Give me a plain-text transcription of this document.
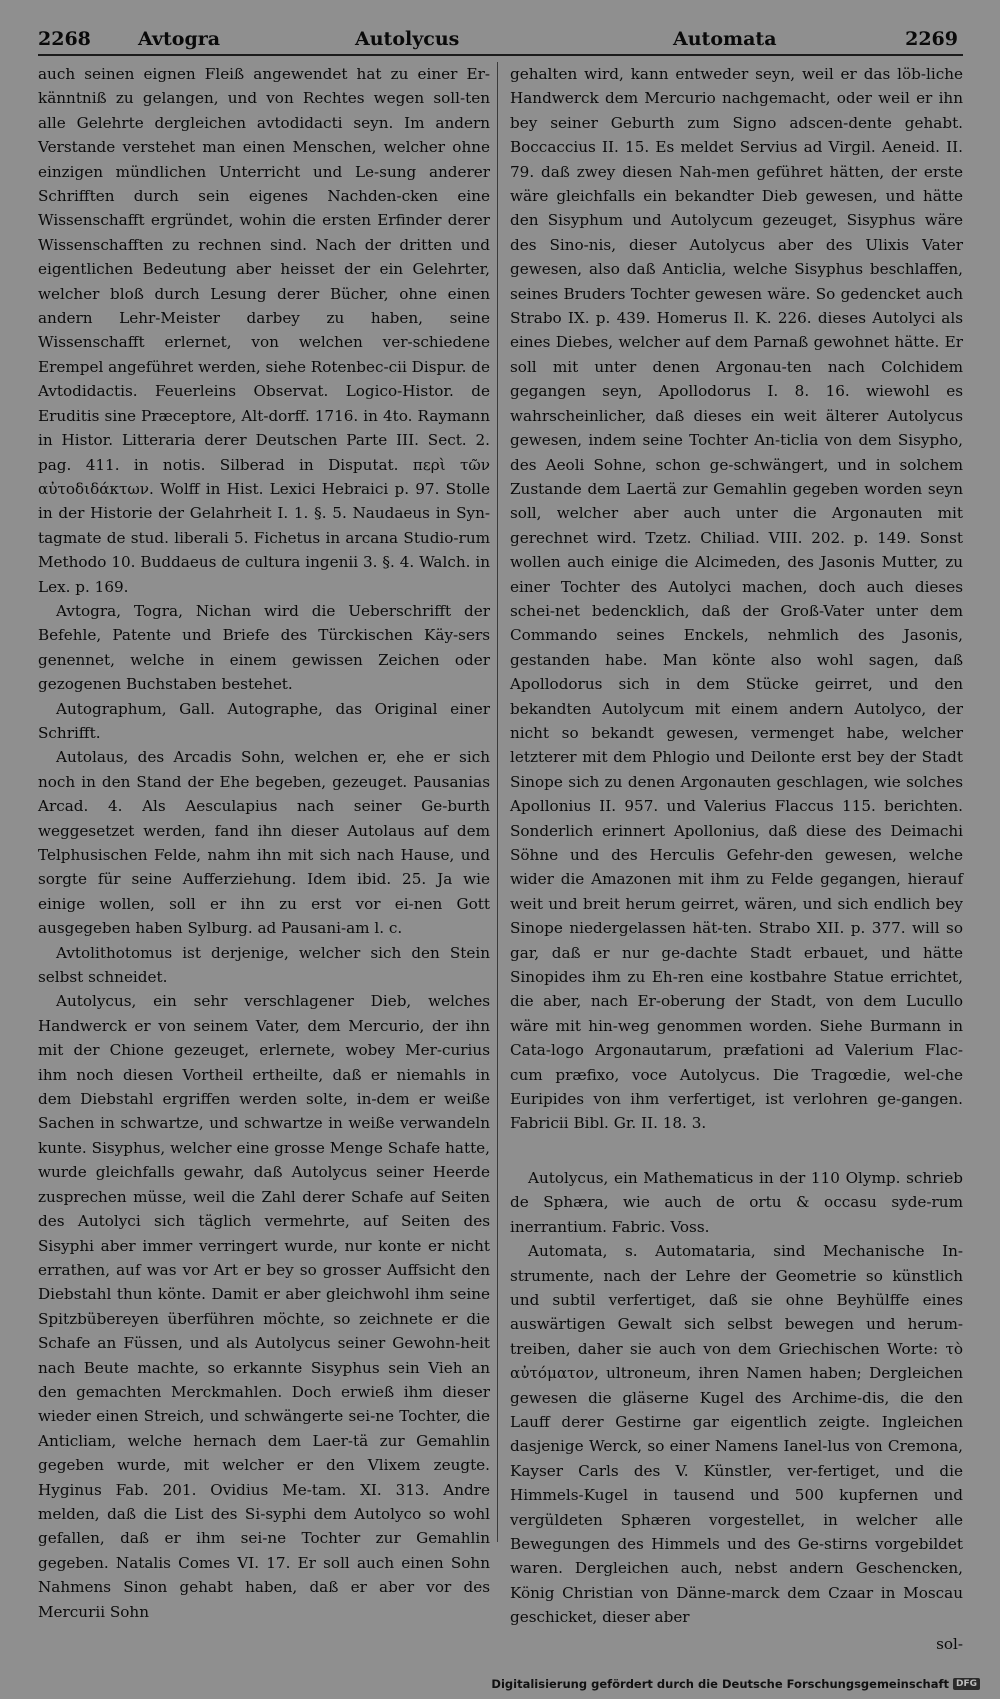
2268 Avtogra	Autolycus	Automata	2269

auch seinen eignen Fleiß angewendet hat zu einer Er-känntniß zu gelangen, und von Rechtes wegen soll-ten alle Gelehrte dergleichen avtodidacti seyn. Im andern Verstande verstehet man einen Menschen, welcher ohne einzigen mündlichen Unterricht und Le-sung anderer Schrifften durch sein eigenes Nachden-cken eine Wissenschafft ergründet, wohin die ersten Erfinder derer Wissenschafften zu rechnen sind. Nach der dritten und eigentlichen Bedeutung aber heisset der ein Gelehrter, welcher bloß durch Lesung derer Bücher, ohne einen andern Lehr-Meister darbey zu haben, seine Wissenschafft erlernet, von welchen ver-schiedene Erempel angeführet werden, siehe Rotenbec-cii Dispur. de Avtodidactis. Feuerleins Observat. Logico-Histor. de Eruditis sine Præceptore, Alt-dorff. 1716. in 4to. Raymann in Histor. Litteraria derer Deutschen Parte III. Sect. 2. pag. 411. in notis. Silberad in Disputat. περὶ τῶν αὐτοδιδάκτων. Wolff in Hist. Lexici Hebraici p. 97. Stolle in der Historie der Gelahrheit I. 1. §. 5. Naudaeus in Syn-tagmate de stud. liberali 5. Fichetus in arcana Studio-rum Methodo 10. Buddaeus de cultura ingenii 3. §. 4. Walch. in Lex. p. 169.

Avtogra, Togra, Nichan wird die Ueberschrifft der Befehle, Patente und Briefe des Türckischen Käy-sers genennet, welche in einem gewissen Zeichen oder gezogenen Buchstaben bestehet.

Autographum, Gall. Autographe, das Original einer Schrifft.

Autolaus, des Arcadis Sohn, welchen er, ehe er sich noch in den Stand der Ehe begeben, gezeuget. Pausanias Arcad. 4. Als Aesculapius nach seiner Ge-burth weggesetzet werden, fand ihn dieser Autolaus auf dem Telphusischen Felde, nahm ihn mit sich nach Hause, und sorgte für seine Aufferziehung. Idem ibid. 25. Ja wie einige wollen, soll er ihn zu erst vor ei-nen Gott ausgegeben haben Sylburg. ad Pausani-am l. c.

Avtolithotomus ist derjenige, welcher sich den Stein selbst schneidet.

Autolycus, ein sehr verschlagener Dieb, welches Handwerck er von seinem Vater, dem Mercurio, der ihn mit der Chione gezeuget, erlernete, wobey Mer-curius ihm noch diesen Vortheil ertheilte, daß er niemahls in dem Diebstahl ergriffen werden solte, in-dem er weiße Sachen in schwartze, und schwartze in weiße verwandeln kunte. Sisyphus, welcher eine grosse Menge Schafe hatte, wurde gleichfalls gewahr, daß Autolycus seiner Heerde zusprechen müsse, weil die Zahl derer Schafe auf Seiten des Autolyci sich täglich vermehrte, auf Seiten des Sisyphi aber immer verringert wurde, nur konte er nicht errathen, auf was vor Art er bey so grosser Auffsicht den Diebstahl thun könte. Damit er aber gleichwohl ihm seine Spitzbübereyen überführen möchte, so zeichnete er die Schafe an Füssen, und als Autolycus seiner Gewohn-heit nach Beute machte, so erkannte Sisyphus sein Vieh an den gemachten Merckmahlen. Doch erwieß ihm dieser wieder einen Streich, und schwängerte sei-ne Tochter, die Anticliam, welche hernach dem Laer-tä zur Gemahlin gegeben wurde, mit welcher er den Vlixem zeugte. Hyginus Fab. 201. Ovidius Me-tam. XI. 313. Andre melden, daß die List des Si-syphi dem Autolyco so wohl gefallen, daß er ihm sei-ne Tochter zur Gemahlin gegeben. Natalis Comes VI. 17. Er soll auch einen Sohn Nahmens Sinon gehabt haben, daß er aber vor des Mercurii Sohn

gehalten wird, kann entweder seyn, weil er das löb-liche Handwerck dem Mercurio nachgemacht, oder weil er ihn bey seiner Geburth zum Signo adscen-dente gehabt. Boccaccius II. 15. Es meldet Servius ad Virgil. Aeneid. II. 79. daß zwey diesen Nah-men geführet hätten, der erste wäre gleichfalls ein bekandter Dieb gewesen, und hätte den Sisyphum und Autolycum gezeuget, Sisyphus wäre des Sino-nis, dieser Autolycus aber des Ulixis Vater gewesen, also daß Anticlia, welche Sisyphus beschlaffen, seines Bruders Tochter gewesen wäre. So gedencket auch Strabo IX. p. 439. Homerus Il. K. 226. dieses Autolyci als eines Diebes, welcher auf dem Parnaß gewohnet hätte. Er soll mit unter denen Argonau-ten nach Colchidem gegangen seyn, Apollodorus I. 8. 16. wiewohl es wahrscheinlicher, daß dieses ein weit älterer Autolycus gewesen, indem seine Tochter An-ticlia von dem Sisypho, des Aeoli Sohne, schon ge-schwängert, und in solchem Zustande dem Laertä zur Gemahlin gegeben worden seyn soll, welcher aber auch unter die Argonauten mit gerechnet wird. Tzetz. Chiliad. VIII. 202. p. 149. Sonst wollen auch einige die Alcimeden, des Jasonis Mutter, zu einer Tochter des Autolyci machen, doch auch dieses schei-net bedencklich, daß der Groß-Vater unter dem Commando seines Enckels, nehmlich des Jasonis, gestanden habe. Man könte also wohl sagen, daß Apollodorus sich in dem Stücke geirret, und den bekandten Autolycum mit einem andern Autolyco, der nicht so bekandt gewesen, vermenget habe, welcher letzterer mit dem Phlogio und Deilonte erst bey der Stadt Sinope sich zu denen Argonauten geschlagen, wie solches Apollonius II. 957. und Valerius Flaccus 115. berichten. Sonderlich erinnert Apollonius, daß diese des Deimachi Söhne und des Herculis Gefehr-den gewesen, welche wider die Amazonen mit ihm zu Felde gegangen, hierauf weit und breit herum geirret, wären, und sich endlich bey Sinope niedergelassen hät-ten. Strabo XII. p. 377. will so gar, daß er nur ge-dachte Stadt erbauet, und hätte Sinopides ihm zu Eh-ren eine kostbahre Statue errichtet, die aber, nach Er-oberung der Stadt, von dem Lucullo wäre mit hin-weg genommen worden. Siehe Burmann in Cata-logo Argonautarum, præfationi ad Valerium Flac-cum præfixo, voce Autolycus. Die Tragœdie, wel-che Euripides von ihm verfertiget, ist verlohren ge-gangen. Fabricii Bibl. Gr. II. 18. 3.

Autolycus, ein Mathematicus in der 110 Olymp. schrieb de Sphæra, wie auch de ortu & occasu syde-rum inerrantium. Fabric. Voss.

Automata, s. Automataria, sind Mechanische In-strumente, nach der Lehre der Geometrie so künstlich und subtil verfertiget, daß sie ohne Beyhülffe eines auswärtigen Gewalt sich selbst bewegen und herum-treiben, daher sie auch von dem Griechischen Worte: τὸ αὐτόματον, ultroneum, ihren Namen haben; Dergleichen gewesen die gläserne Kugel des Archime-dis, die den Lauff derer Gestirne gar eigentlich zeigte. Ingleichen dasjenige Werck, so einer Namens Ianel-lus von Cremona, Kayser Carls des V. Künstler, ver-fertiget, und die Himmels-Kugel in tausend und 500 kupfernen und vergüldeten Sphæren vorgestellet, in welcher alle Bewegungen des Himmels und des Ge-stirns vorgebildet waren. Dergleichen auch, nebst andern Geschencken, König Christian von Dänne-marck dem Czaar in Moscau geschicket, dieser aber

sol-
Digitalisierung gefördert durch die Deutsche Forschungsgemeinschaft DFG
